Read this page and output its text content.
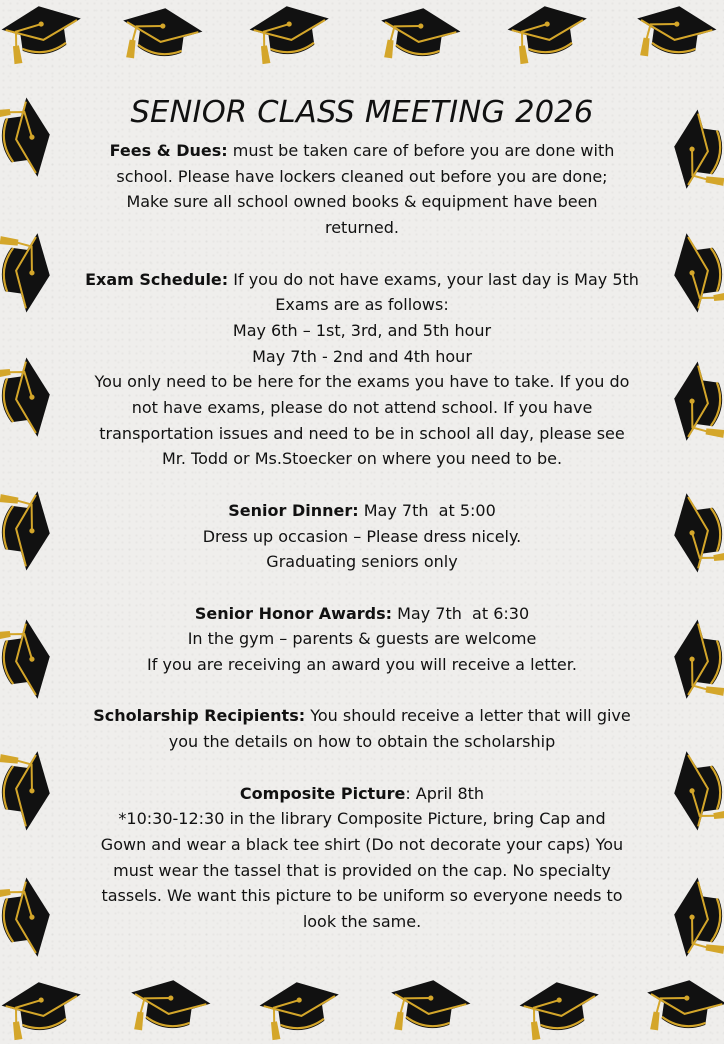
SENIOR CLASS MEETING 2026
Fees & Dues: must be taken care of before you are done with
school. Please have lockers cleaned out before you are done;
Make sure all school owned books & equipment have been
returned.
Exam Schedule: If you do not have exams, your last day is May 5th
Exams are as follows:
May 6th – 1st, 3rd, and 5th hour
May 7th - 2nd and 4th hour
You only need to be here for the exams you have to take. If you do
not have exams, please do not attend school. If you have
transportation issues and need to be in school all day, please see
Mr. Todd or Ms.Stoecker on where you need to be.
Senior Dinner: May 7th  at 5:00
Dress up occasion – Please dress nicely.
Graduating seniors only
Senior Honor Awards: May 7th  at 6:30
In the gym – parents & guests are welcome
If you are receiving an award you will receive a letter.
Scholarship Recipients: You should receive a letter that will give
you the details on how to obtain the scholarship
Composite Picture: April 8th
*10:30-12:30 in the library Composite Picture, bring Cap and
Gown and wear a black tee shirt (Do not decorate your caps) You
must wear the tassel that is provided on the cap. No specialty
tassels. We want this picture to be uniform so everyone needs to
look the same.
